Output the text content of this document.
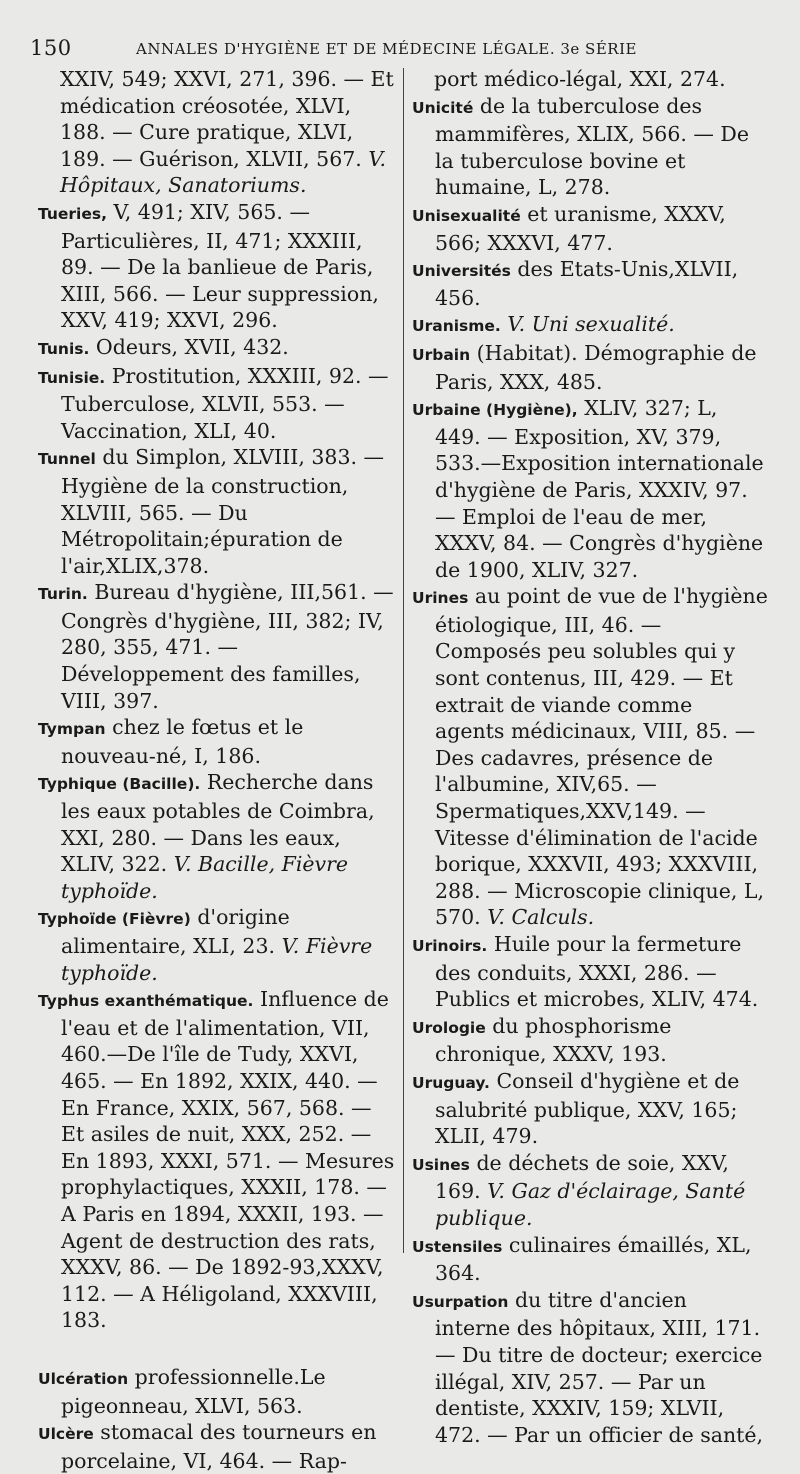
150	ANNALES D'HYGIÈNE ET DE MÉDECINE LÉGALE. 3e SÉRIE

XXIV, 549; XXVI, 271, 396. — Et médication créosotée, XLVI, 188. — Cure pratique, XLVI, 189. — Guérison, XLVII, 567. V. Hôpitaux, Sanatoriums.

Tueries, V, 491; XIV, 565. — Particulières, II, 471; XXXIII, 89. — De la banlieue de Paris, XIII, 566. — Leur suppression, XXV, 419; XXVI, 296.

Tunis. Odeurs, XVII, 432.

Tunisie. Prostitution, XXXIII, 92. — Tuberculose, XLVII, 553. — Vaccination, XLI, 40.

Tunnel du Simplon, XLVIII, 383. —Hygiène de la construction, XLVIII, 565. — Du Métropolitain;épuration de l'air,XLIX,378.

Turin. Bureau d'hygiène, III,561. — Congrès d'hygiène, III, 382; IV, 280, 355, 471. — Développement des familles, VIII, 397.

Tympan chez le fœtus et le nouveau-né, I, 186.

Typhique (Bacille). Recherche dans les eaux potables de Coimbra, XXI, 280. — Dans les eaux, XLIV, 322. V. Bacille, Fièvre typhoïde.

Typhoïde (Fièvre) d'origine alimentaire, XLI, 23. V. Fièvre typhoïde.

Typhus exanthématique. Influence de l'eau et de l'alimentation, VII, 460.—De l'île de Tudy, XXVI, 465. — En 1892, XXIX, 440. — En France, XXIX, 567, 568. — Et asiles de nuit, XXX, 252. — En 1893, XXXI, 571. — Mesures prophylactiques, XXXII, 178. — A Paris en 1894, XXXII, 193. — Agent de destruction des rats, XXXV, 86. — De 1892-93,XXXV, 112. — A Héligoland, XXXVIII, 183.

Ulcération professionnelle.Le pigeonneau, XLVI, 563.

Ulcère stomacal des tourneurs en porcelaine, VI, 464. — Rap-

port médico-légal, XXI, 274.

Unicité de la tuberculose des mammifères, XLIX, 566. — De la tuberculose bovine et humaine, L, 278.

Unisexualité et uranisme, XXXV, 566; XXXVI, 477.

Universités des Etats-Unis,XLVII, 456.

Uranisme. V. Uni sexualité.

Urbain (Habitat). Démographie de Paris, XXX, 485.

Urbaine (Hygiène), XLIV, 327; L, 449. — Exposition, XV, 379, 533.—Exposition internationale d'hygiène de Paris, XXXIV, 97. — Emploi de l'eau de mer, XXXV, 84. — Congrès d'hygiène de 1900, XLIV, 327.

Urines au point de vue de l'hygiène étiologique, III, 46. — Composés peu solubles qui y sont contenus, III, 429. — Et extrait de viande comme agents médicinaux, VIII, 85. — Des cadavres, présence de l'albumine, XIV,65. —Spermatiques,XXV,149. — Vitesse d'élimination de l'acide borique, XXXVII, 493; XXXVIII, 288. — Microscopie clinique, L, 570. V. Calculs.

Urinoirs. Huile pour la fermeture des conduits, XXXI, 286. — Publics et microbes, XLIV, 474.

Urologie du phosphorisme chronique, XXXV, 193.

Uruguay. Conseil d'hygiène et de salubrité publique, XXV, 165; XLII, 479.

Usines de déchets de soie, XXV, 169. V. Gaz d'éclairage, Santé publique.

Ustensiles culinaires émaillés, XL, 364.

Usurpation du titre d'ancien interne des hôpitaux, XIII, 171. — Du titre de docteur; exercice illégal, XIV, 257. — Par un dentiste, XXXIV, 159; XLVII, 472. — Par un officier de santé,
